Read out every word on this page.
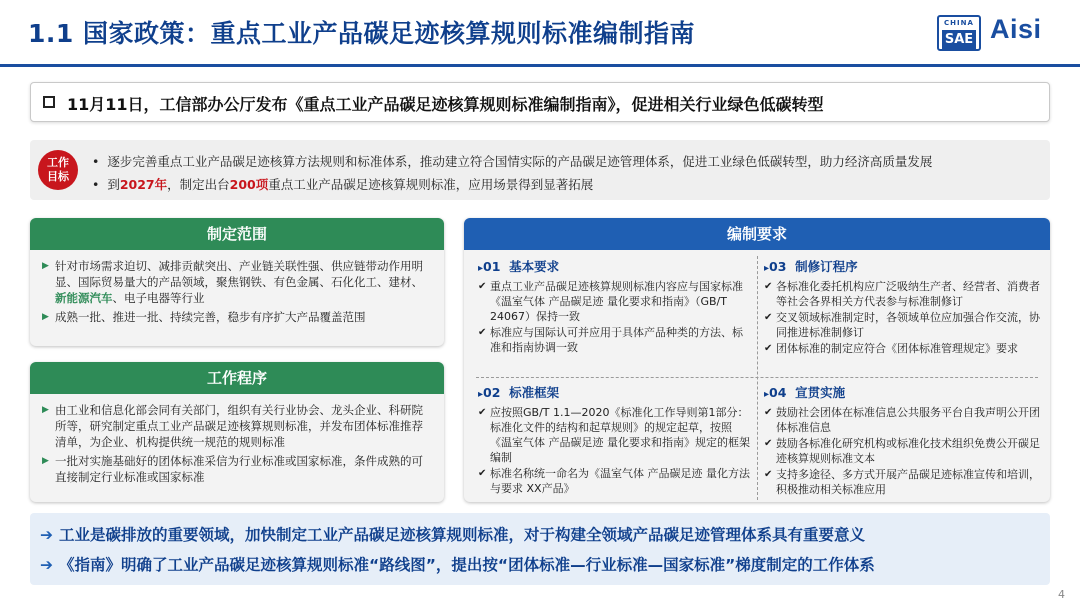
1.1 国家政策：重点工业产品碳足迹核算规则标准编制指南	CHINA
SAE Aisi
11月11日，工信部办公厅发布《重点工业产品碳足迹核算规则标准编制指南》，促进相关行业绿色低碳转型
工作
目标
•  逐步完善重点工业产品碳足迹核算方法规则和标准体系，推动建立符合国情实际的产品碳足迹管理体系，促进工业绿色低碳转型，助力经济高质量发展
•  到2027年，制定出台200项重点工业产品碳足迹核算规则标准，应用场景得到显著拓展
制定范围
▶ 针对市场需求迫切、减排贡献突出、产业链关联性强、供应链带动作用明显、国际贸易量大的产品领域，聚焦钢铁、有色金属、石化化工、建材、新能源汽车、电子电器等行业
▶ 成熟一批、推进一批、持续完善，稳步有序扩大产品覆盖范围
工作程序
▶ 由工业和信息化部会同有关部门，组织有关行业协会、龙头企业、科研院所等，研究制定重点工业产品碳足迹核算规则标准，并发布团体标准推荐清单，为企业、机构提供统一规范的规则标准
▶ 一批对实施基础好的团体标准采信为行业标准或国家标准，条件成熟的可直接制定行业标准或国家标准
编制要求
▸01 基本要求
✔ 重点工业产品碳足迹核算规则标准内容应与国家标准《温室气体 产品碳足迹 量化要求和指南》（GB/T 24067）保持一致
✔ 标准应与国际认可并应用于具体产品种类的方法、标准和指南协调一致
▸02 标准框架
✔ 应按照GB/T 1.1—2020《标准化工作导则第1部分：标准化文件的结构和起草规则》的规定起草，按照《温室气体 产品碳足迹 量化要求和指南》规定的框架编制
✔ 标准名称统一命名为《温室气体 产品碳足迹 量化方法与要求 XX产品》
▸03 制修订程序
✔ 各标准化委托机构应广泛吸纳生产者、经营者、消费者等社会各界相关方代表参与标准制修订
✔ 交叉领域标准制定时，各领域单位应加强合作交流，协同推进标准制修订
✔ 团体标准的制定应符合《团体标准管理规定》要求
▸04 宣贯实施
✔ 鼓励社会团体在标准信息公共服务平台自我声明公开团体标准信息
✔ 鼓励各标准化研究机构或标准化技术组织免费公开碳足迹核算规则标准文本
✔ 支持多途径、多方式开展产品碳足迹标准宣传和培训，积极推动相关标准应用
➔ 工业是碳排放的重要领域，加快制定工业产品碳足迹核算规则标准，对于构建全领域产品碳足迹管理体系具有重要意义
➔ 《指南》明确了工业产品碳足迹核算规则标准“路线图”，提出按“团体标准—行业标准—国家标准”梯度制定的工作体系
4
